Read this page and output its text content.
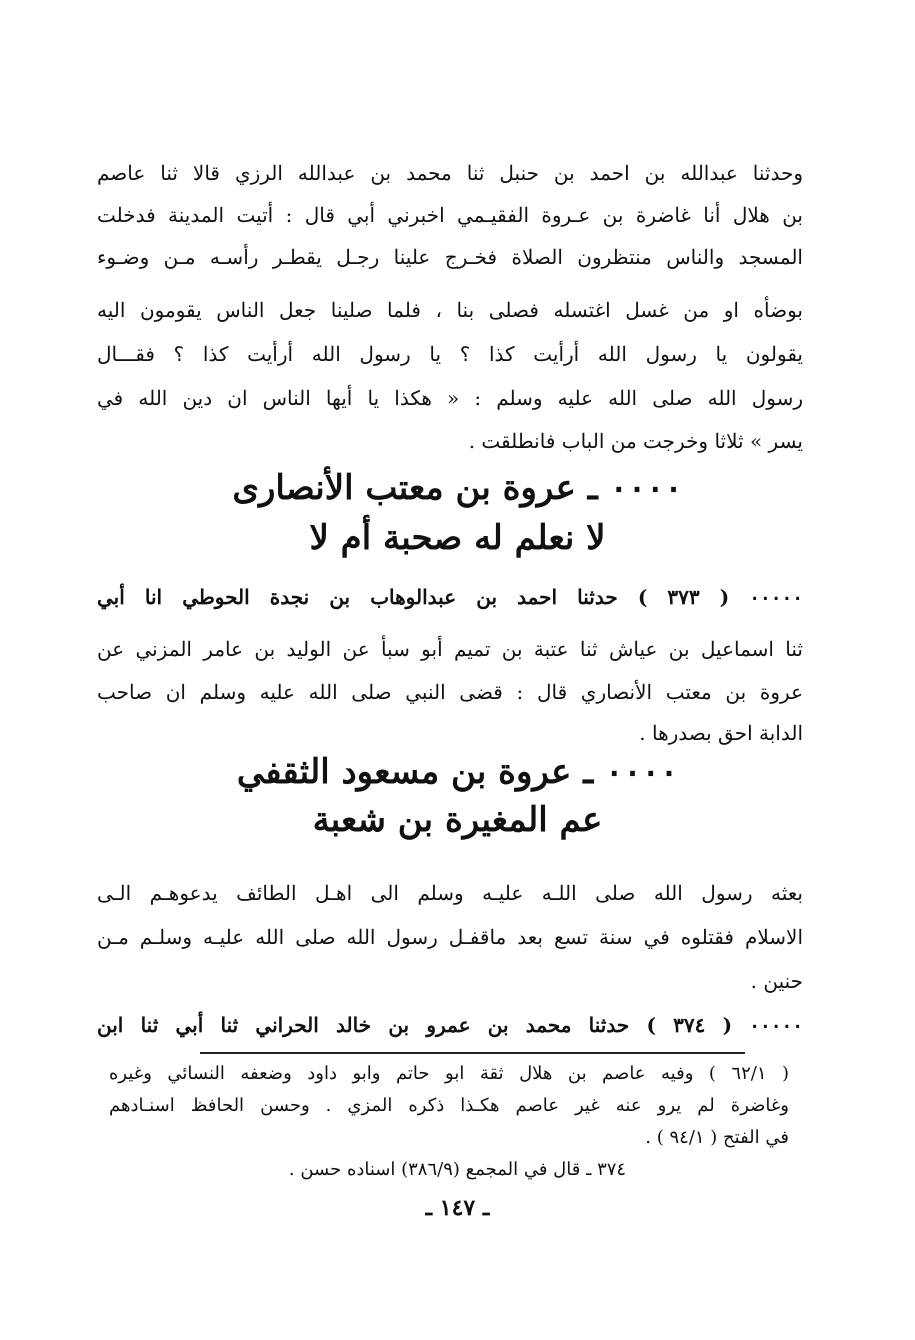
وحدثنا عبدالله بن احمد بن حنبل ثنا محمد بن عبدالله الرزي قالا ثنا عاصم
بن هلال أنا غاضرة بن عـروة الفقيـمي اخبرني أبي قال : أتيت المدينة فدخلت
المسجد والناس منتظرون الصلاة فخـرج علينا رجـل يقطـر رأسـه مـن وضـوء
بوضأه او من غسل اغتسله فصلى بنا ، فلما صلينا جعل الناس يقومون اليه
يقولون يا رسول الله أرأيت كذا ؟ يا رسول الله أرأيت كذا ؟ فقـــال
رسول الله صلى الله عليه وسلم : « هكذا يا أيها الناس ان دين الله في
يسر » ثلاثا وخرجت من الباب فانطلقت .
٠٠٠٠ ـ عروة بن معتب الأنصارى
لا نعلم له صحبة أم لا
٠٠٠٠٠ ( ٣٧٣ ) حدثنا احمد بن عبدالوهاب بن نجدة الحوطي انا أبي
ثنا اسماعيل بن عياش ثنا عتبة بن تميم أبو سبأ عن الوليد بن عامر المزني عن
عروة بن معتب الأنصاري قال : قضى النبي صلى الله عليه وسلم ان صاحب
الدابة احق بصدرها .
٠٠٠٠ ـ عروة بن مسعود الثقفي
عم المغيرة بن شعبة
بعثه رسول الله صلى اللـه عليـه وسلم الى اهـل الطائف يدعوهـم الـى
الاسلام فقتلوه في سنة تسع بعد ماقفـل رسول الله صلى الله عليـه وسلـم مـن
حنين .
٠٠٠٠٠ ( ٣٧٤ ) حدثنا محمد بن عمرو بن خالد الحراني ثنا أبي ثنا ابن
( ٦٢/١ ) وفيه عاصم بن هلال ثقة ابو حاتم وابو داود وضعفه النسائي وغيره
وغاضرة لم يرو عنه غير عاصم هكـذا ذكره المزي . وحسن الحافظ اسنـادهم
في الفتح ( ٩٤/١ ) .
٣٧٤ ـ قال في المجمع (٣٨٦/٩) اسناده حسن .
ـ ١٤٧ ـ
